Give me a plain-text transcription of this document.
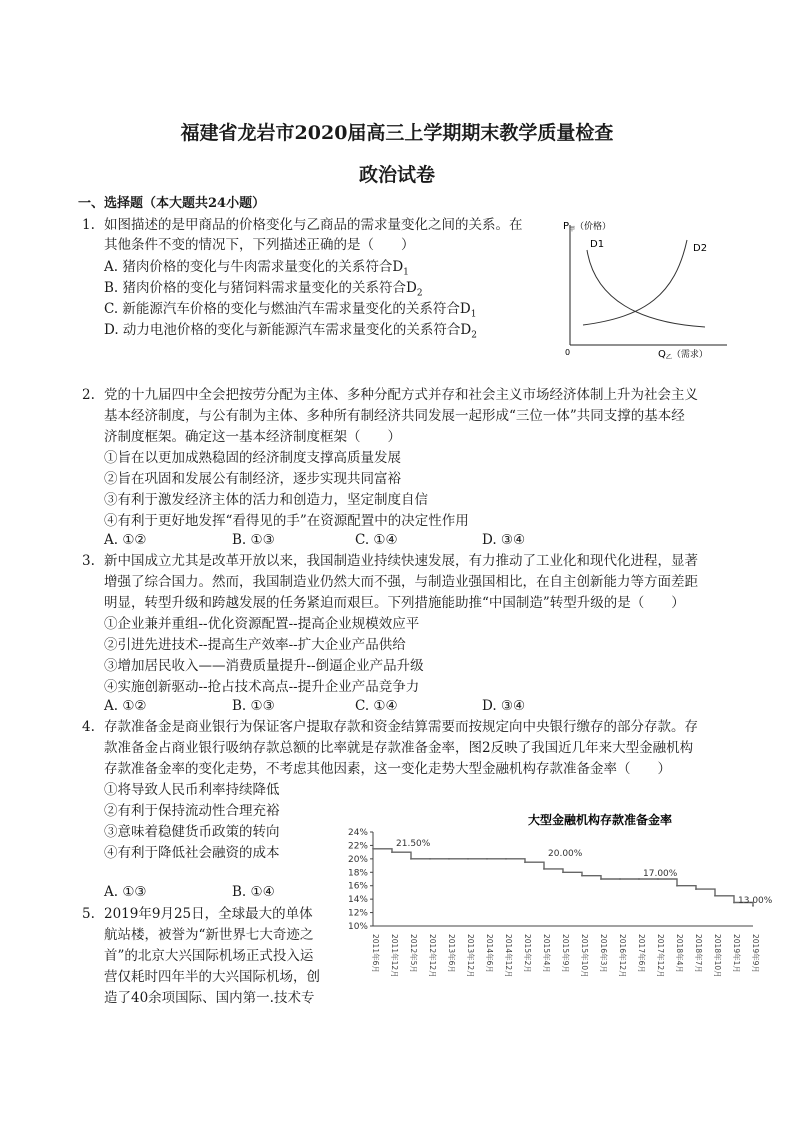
福建省龙岩市2020届高三上学期期末教学质量检查
政治试卷
一、选择题（本大题共24小题）
1. 如图描述的是甲商品的价格变化与乙商品的需求量变化之间的关系。在
其他条件不变的情况下，下列描述正确的是（　　）
A. 猪肉价格的变化与牛肉需求量变化的关系符合$D_1$
B. 猪肉价格的变化与猪饲料需求量变化的关系符合$D_2$
C. 新能源汽车价格的变化与燃油汽车需求量变化的关系符合$D_1$
D. 动力电池价格的变化与新能源汽车需求量变化的关系符合$D_2$
$P_甲$（价格）
0	$Q_乙$（需求）
D1	D2
2. 党的十九届四中全会把按劳分配为主体、多种分配方式并存和社会主义市场经济体制上升为社会主义
基本经济制度，与公有制为主体、多种所有制经济共同发展一起形成“三位一体”共同支撑的基本经
济制度框架。确定这一基本经济制度框架（　　）
①旨在以更加成熟稳固的经济制度支撑高质量发展
②旨在巩固和发展公有制经济，逐步实现共同富裕
③有利于激发经济主体的活力和创造力，坚定制度自信
④有利于更好地发挥“看得见的手”在资源配置中的决定性作用
A. ①②	B. ①③	C. ①④	D. ③④
3. 新中国成立尤其是改革开放以来，我国制造业持续快速发展，有力推动了工业化和现代化进程，显著
增强了综合国力。然而，我国制造业仍然大而不强，与制造业强国相比，在自主创新能力等方面差距
明显，转型升级和跨越发展的任务紧迫而艰巨。下列措施能助推“中国制造”转型升级的是（　　）
①企业兼并重组--优化资源配置--提高企业规模效应平
②引进先进技术--提高生产效率--扩大企业产品供给
③增加居民收入——消费质量提升--倒逼企业产品升级
④实施创新驱动--抢占技术高点--提升企业产品竞争力
A. ①②	B. ①③	C. ①④	D. ③④
4. 存款准备金是商业银行为保证客户提取存款和资金结算需要而按规定向中央银行缴存的部分存款。存
款准备金占商业银行吸纳存款总额的比率就是存款准备金率，图2反映了我国近几年来大型金融机构
存款准备金率的变化走势，不考虑其他因素，这一变化走势大型金融机构存款准备金率（　　）
①将导致人民币利率持续降低
②有利于保持流动性合理充裕
③意味着稳健货币政策的转向
④有利于降低社会融资的成本
A. ①③	B. ①④
5. 2019年9月25日，全球最大的单体
航站楼，被誉为“新世界七大奇迹之
首”的北京大兴国际机场正式投入运
营仅耗时四年半的大兴国际机场，创
造了40余项国际、国内第一.技术专
大型金融机构存款准备金率
24%
22%
20%
18%
16%
14%
12%
10%
21.50%
20.00%
17.00%
13.00%
2011年6月 2011年12月 2012年5月 2012年12月 2013年6月 2013年12月 2014年6月 2014年12月 2015年2月 2015年4月 2015年9月 2015年10月 2016年3月 2016年12月 2017年6月 2017年12月 2018年4月 2018年7月 2018年10月 2019年1月 2019年9月
